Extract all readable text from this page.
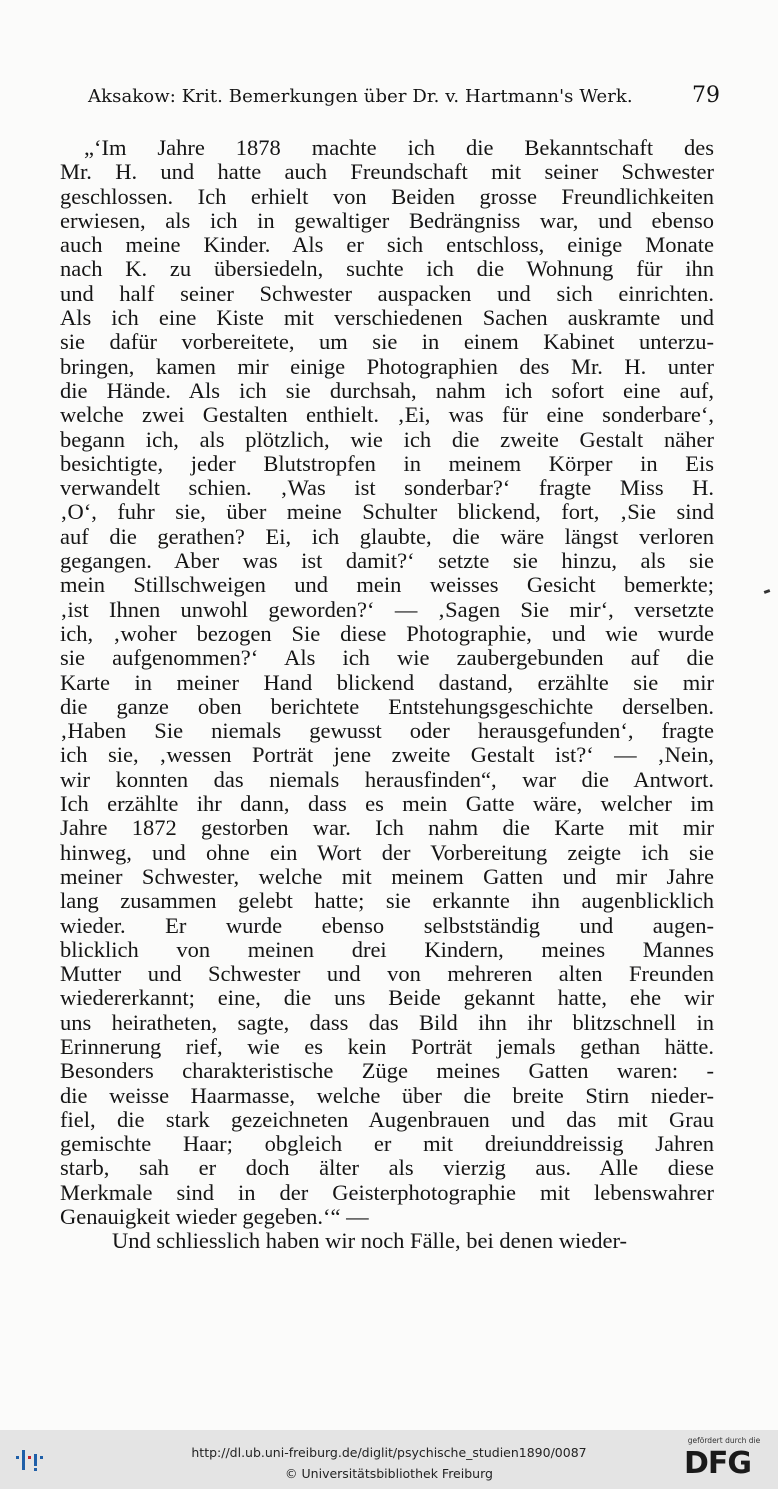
Aksakow: Krit. Bemerkungen über Dr. v. Hartmann's Werk.	79
„‘Im Jahre 1878 machte ich die Bekanntschaft des
Mr. H. und hatte auch Freundschaft mit seiner Schwester
geschlossen. Ich erhielt von Beiden grosse Freundlichkeiten
erwiesen, als ich in gewaltiger Bedrängniss war, und ebenso
auch meine Kinder. Als er sich entschloss, einige Monate
nach K. zu übersiedeln, suchte ich die Wohnung für ihn
und half seiner Schwester auspacken und sich einrichten.
Als ich eine Kiste mit verschiedenen Sachen auskramte und
sie dafür vorbereitete, um sie in einem Kabinet unterzu-
bringen, kamen mir einige Photographien des Mr. H. unter
die Hände. Als ich sie durchsah, nahm ich sofort eine auf,
welche zwei Gestalten enthielt. ‚Ei, was für eine sonderbare‘,
begann ich, als plötzlich, wie ich die zweite Gestalt näher
besichtigte, jeder Blutstropfen in meinem Körper in Eis
verwandelt schien. ‚Was ist sonderbar?‘ fragte Miss H.
‚O‘, fuhr sie, über meine Schulter blickend, fort, ‚Sie sind
auf die gerathen? Ei, ich glaubte, die wäre längst verloren
gegangen. Aber was ist damit?‘ setzte sie hinzu, als sie
mein Stillschweigen und mein weisses Gesicht bemerkte;
‚ist Ihnen unwohl geworden?‘ — ‚Sagen Sie mir‘, versetzte
ich, ‚woher bezogen Sie diese Photographie, und wie wurde
sie aufgenommen?‘ Als ich wie zaubergebunden auf die
Karte in meiner Hand blickend dastand, erzählte sie mir
die ganze oben berichtete Entstehungsgeschichte derselben.
‚Haben Sie niemals gewusst oder herausgefunden‘, fragte
ich sie, ‚wessen Porträt jene zweite Gestalt ist?‘ — ‚Nein,
wir konnten das niemals herausfinden“, war die Antwort.
Ich erzählte ihr dann, dass es mein Gatte wäre, welcher im
Jahre 1872 gestorben war. Ich nahm die Karte mit mir
hinweg, und ohne ein Wort der Vorbereitung zeigte ich sie
meiner Schwester, welche mit meinem Gatten und mir Jahre
lang zusammen gelebt hatte; sie erkannte ihn augenblicklich
wieder. Er wurde ebenso selbstständig und augen-
blicklich von meinen drei Kindern, meines Mannes
Mutter und Schwester und von mehreren alten Freunden
wiedererkannt; eine, die uns Beide gekannt hatte, ehe wir
uns heiratheten, sagte, dass das Bild ihn ihr blitzschnell in
Erinnerung rief, wie es kein Porträt jemals gethan hätte.
Besonders charakteristische Züge meines Gatten waren: -
die weisse Haarmasse, welche über die breite Stirn nieder-
fiel, die stark gezeichneten Augenbrauen und das mit Grau
gemischte Haar; obgleich er mit dreiunddreissig Jahren
starb, sah er doch älter als vierzig aus. Alle diese
Merkmale sind in der Geisterphotographie mit lebenswahrer
Genauigkeit wieder gegeben.‘“ —
Und schliesslich haben wir noch Fälle, bei denen wieder-
http://dl.ub.uni-freiburg.de/diglit/psychische_studien1890/0087
© Universitätsbibliothek Freiburg
gefördert durch die
DFG
